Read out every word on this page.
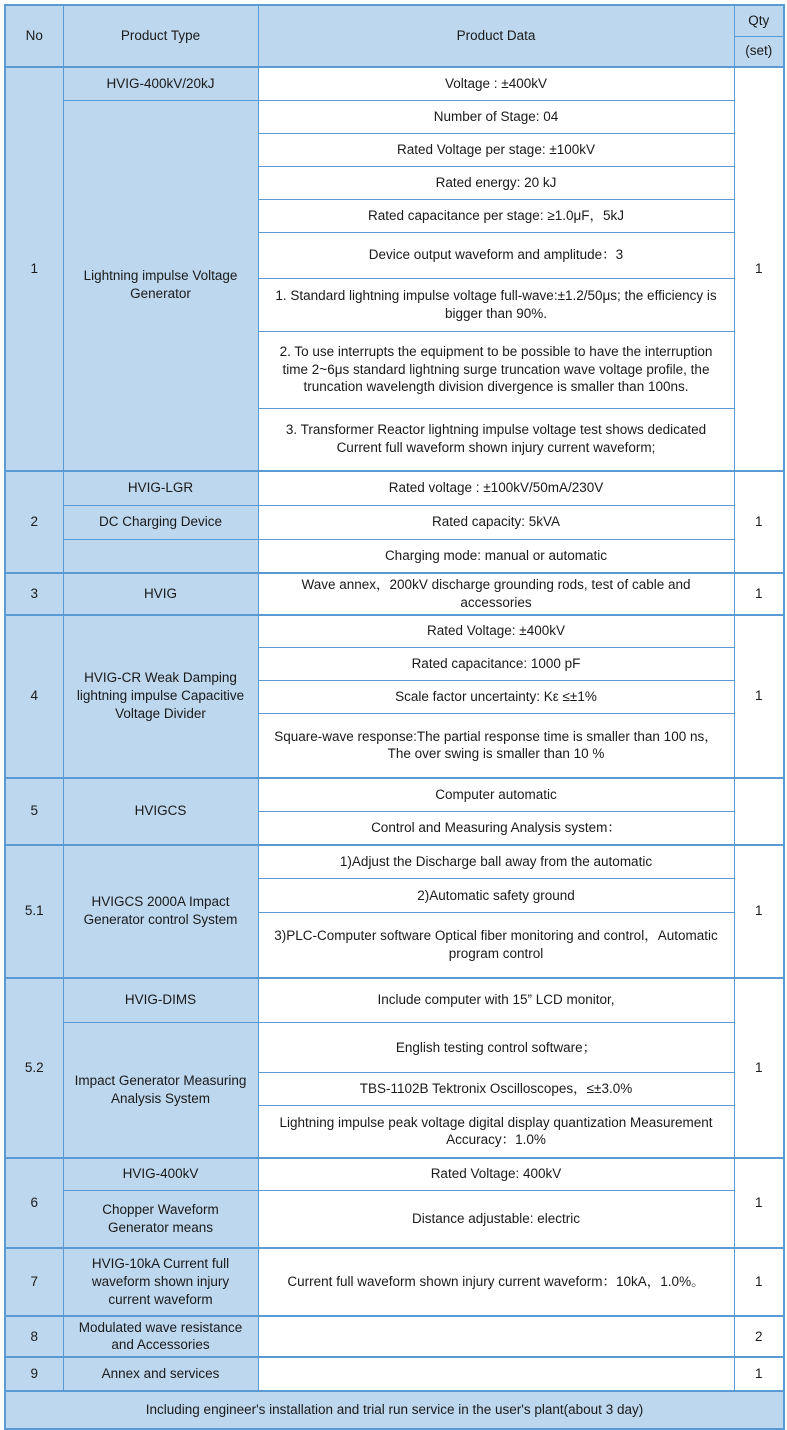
No	Product Type	Product Data	Qty
			(set)
1	HVIG-400kV/20kJ	Voltage : ±400kV	1
	Lightning impulse Voltage Generator	Number of Stage: 04	
		Rated Voltage per stage: ±100kV	
		Rated energy: 20 kJ	
		Rated capacitance per stage: ≥1.0μF，5kJ	
		Device output waveform and amplitude：3	
		1. Standard lightning impulse voltage full-wave:±1.2/50μs; the efficiency is bigger than 90%.	
		2. To use interrupts the equipment to be possible to have the interruption time 2~6μs standard lightning surge truncation wave voltage profile, the truncation wavelength division divergence is smaller than 100ns.	
		3. Transformer Reactor lightning impulse voltage test shows dedicated Current full waveform shown injury current waveform;	
2	HVIG-LGR	Rated voltage : ±100kV/50mA/230V	1
	DC Charging Device	Rated capacity: 5kVA	
		Charging mode: manual or automatic	
3	HVIG	Wave annex，200kV discharge grounding rods, test of cable and accessories	1
4	HVIG-CR Weak Damping lightning impulse Capacitive Voltage Divider	Rated Voltage: ±400kV	1
		Rated capacitance: 1000 pF	
		Scale factor uncertainty: Kε ≤±1%	
		Square-wave response:The partial response time is smaller than 100 ns，The over swing is smaller than 10 %	
5	HVIGCS	Computer automatic	
		Control and Measuring Analysis system：	
5.1	HVIGCS 2000A Impact Generator control System	1)Adjust the Discharge ball away from the automatic	1
		2)Automatic safety ground	
		3)PLC-Computer software Optical fiber monitoring and control，Automatic program control	
5.2	HVIG-DIMS	Include computer with 15” LCD monitor,	1
	Impact Generator Measuring Analysis System	English testing control software；	
		TBS-1102B Tektronix Oscilloscopes，≤±3.0%	
		Lightning impulse peak voltage digital display quantization Measurement Accuracy：1.0%	
6	HVIG-400kV	Rated Voltage: 400kV	1
	Chopper Waveform Generator means	Distance adjustable: electric	
7	HVIG-10kA Current full waveform shown injury current waveform	Current full waveform shown injury current waveform：10kA，1.0%。	1
8	Modulated wave resistance and Accessories		2
9	Annex and services		1
Including engineer's installation and trial run service in the user's plant(about 3 day)			
